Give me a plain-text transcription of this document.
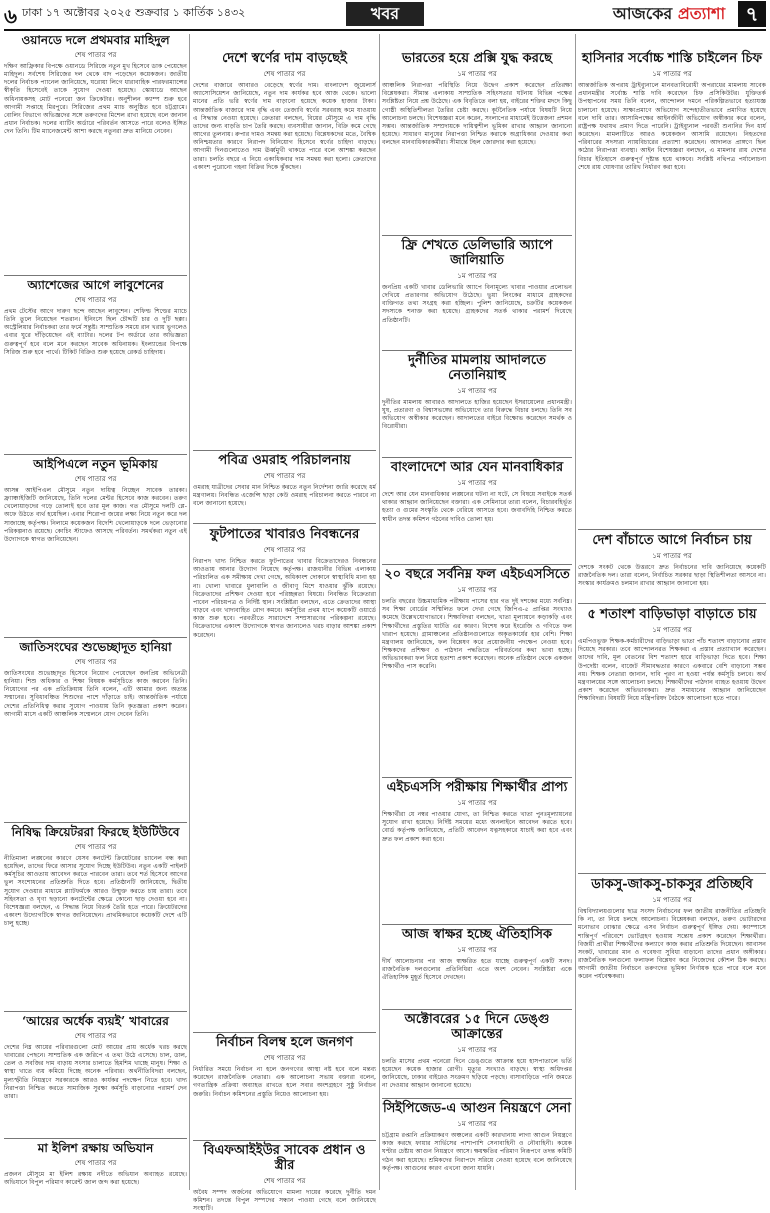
৬ ঢাকা ১৭ অক্টোবর ২০২৫ শুক্রবার ১ কার্তিক ১৪৩২	খবর	আজকের প্রত্যাশা	৭
ওয়ানডে দলে প্রথমবার মাহিদুল
শেষ পাতার পর
দক্ষিণ আফ্রিকার বিপক্ষে ওয়ানডে সিরিজে নতুন মুখ হিসেবে ডাক পেয়েছেন মাহিদুল। সর্বশেষ সিরিজের দল থেকে বাদ পড়েছেন কয়েকজন। জাতীয় দলের নির্বাচক প্যানেল জানিয়েছে, ঘরোয়া লিগে ধারাবাহিক পারফরম্যান্সের স্বীকৃতি হিসেবেই তাকে সুযোগ দেওয়া হয়েছে। স্কোয়াডে আছেন অধিনায়কসহ মোট পনেরো জন ক্রিকেটার। অনুশীলন ক্যাম্প শুরু হবে আগামী সপ্তাহে মিরপুরে। সিরিজের প্রথম ম্যাচ অনুষ্ঠিত হবে চট্টগ্রামে। বোলিং বিভাগে অভিজ্ঞদের সঙ্গে তরুণদের মিশেল রাখা হয়েছে বলে জানান প্রধান নির্বাচক। দলের ব্যাটিং অর্ডারে পরিবর্তন আসতে পারে বলেও ইঙ্গিত দেন তিনি। টিম ম্যানেজমেন্ট আশা করছে নতুনরা দ্রুত মানিয়ে নেবেন।
অ্যাশেজের আগে লাবুশেনের
শেষ পাতার পর
প্রথম টেস্টের আগে দারুণ ছন্দে আছেন লাবুশেন। শেফিল্ড শিল্ডের ম্যাচে তিনি তুলে নিয়েছেন শতরান। ইনিংসে ছিল চৌদ্দটি চার ও দুটি ছক্কা। অস্ট্রেলিয়ার নির্বাচকরা তার ফর্মে সন্তুষ্ট। সাম্প্রতিক সময়ে রান খরায় ভুগলেও এবার ঘুরে দাঁড়িয়েছেন এই ব্যাটার। দলের টপ অর্ডারে তার অভিজ্ঞতা গুরুত্বপূর্ণ হবে বলে মনে করছেন সাবেক অধিনায়ক। ইংল্যান্ডের বিপক্ষে সিরিজ শুরু হবে পার্থে। টিকিট বিক্রিও শুরু হয়েছে রেকর্ড চাহিদায়।
আইপিএলে নতুন ভূমিকায়
শেষ পাতার পর
আসন্ন আইপিএল মৌসুমে নতুন দায়িত্ব নিচ্ছেন সাবেক তারকা। ফ্র্যাঞ্চাইজিটি জানিয়েছে, তিনি দলের মেন্টর হিসেবে কাজ করবেন। তরুণ খেলোয়াড়দের গড়ে তোলাই হবে তার মূল কাজ। গত মৌসুমে দলটি প্লে-অফে উঠতে ব্যর্থ হয়েছিল। এবার শিরোপা জয়ের লক্ষ্য নিয়ে নতুন করে দল সাজাচ্ছে কর্তৃপক্ষ। নিলামে কয়েকজন বিদেশি খেলোয়াড়কে দলে ভেড়ানোর পরিকল্পনাও রয়েছে। কোচিং স্টাফেও আসছে পরিবর্তন। সমর্থকরা নতুন এই উদ্যোগকে স্বাগত জানিয়েছেন।
জাতিসংঘের শুভেচ্ছাদূত হানিয়া
শেষ পাতার পর
জাতিসংঘের শুভেচ্ছাদূত হিসেবে নিয়োগ পেয়েছেন জনপ্রিয় অভিনেত্রী হানিয়া। শিশু অধিকার ও শিক্ষা বিষয়ক কর্মসূচিতে কাজ করবেন তিনি। নিয়োগের পর এক প্রতিক্রিয়ায় তিনি বলেন, এটি আমার জন্য অত্যন্ত সম্মানের। সুবিধাবঞ্চিত শিশুদের পাশে দাঁড়াতে চাই। আন্তর্জাতিক পর্যায়ে দেশের প্রতিনিধিত্ব করার সুযোগ পাওয়ায় তিনি কৃতজ্ঞতা প্রকাশ করেন। আগামী মাসে একটি আঞ্চলিক সম্মেলনে যোগ দেবেন তিনি।
নিষিদ্ধ ক্রিয়েটররা ফিরছে ইউটিউবে
শেষ পাতার পর
নীতিমালা লঙ্ঘনের কারণে যেসব কনটেন্ট ক্রিয়েটরের চ্যানেল বন্ধ করা হয়েছিল, তাদের ফিরে আসার সুযোগ দিচ্ছে ইউটিউব। নতুন একটি পাইলট কর্মসূচির আওতায় আবেদন করতে পারবেন তারা। তবে শর্ত হিসেবে আগের ভুল সংশোধনের প্রতিশ্রুতি দিতে হবে। প্রতিষ্ঠানটি জানিয়েছে, দ্বিতীয় সুযোগ দেওয়ার মাধ্যমে প্ল্যাটফর্মকে আরও উন্মুক্ত করতে চায় তারা। তবে সহিংসতা ও ঘৃণা ছড়ানো কনটেন্টের ক্ষেত্রে কোনো ছাড় দেওয়া হবে না। বিশেষজ্ঞরা বলছেন, এ সিদ্ধান্ত নিয়ে বিতর্ক তৈরি হতে পারে। ক্রিয়েটরদের একাংশ উদ্যোগটিকে স্বাগত জানিয়েছেন। প্রাথমিকভাবে কয়েকটি দেশে এটি চালু হচ্ছে।
‘আয়ের অর্ধেক ব্যয়ই’ খাবারের
শেষ পাতার পর
দেশের নিম্ন আয়ের পরিবারগুলো মোট আয়ের প্রায় অর্ধেক খরচ করছে খাবারের পেছনে। সাম্প্রতিক এক জরিপে এ তথ্য উঠে এসেছে। চাল, ডাল, তেল ও সবজির দাম বাড়ায় সংসার চালাতে হিমশিম খাচ্ছে মানুষ। শিক্ষা ও স্বাস্থ্য খাতে ব্যয় কমিয়ে দিচ্ছে অনেক পরিবার। অর্থনীতিবিদরা বলছেন, মূল্যস্ফীতি নিয়ন্ত্রণে সরকারকে আরও কার্যকর পদক্ষেপ নিতে হবে। খাদ্য নিরাপত্তা নিশ্চিত করতে সামাজিক সুরক্ষা কর্মসূচি বাড়ানোর পরামর্শ দেন তারা।
মা ইলিশ রক্ষায় অভিযান
শেষ পাতার পর
প্রজনন মৌসুমে মা ইলিশ রক্ষায় নদীতে অভিযান অব্যাহত রয়েছে। অভিযানে বিপুল পরিমাণ কারেন্ট জাল জব্দ করা হয়েছে।
দেশে স্বর্ণের দাম বাড়ছেই
শেষ পাতার পর
দেশের বাজারে আবারও বেড়েছে স্বর্ণের দাম। বাংলাদেশ জুয়েলার্স অ্যাসোসিয়েশন জানিয়েছে, নতুন দাম কার্যকর হবে আজ থেকে। ভালো মানের প্রতি ভরি স্বর্ণের দাম বাড়ানো হয়েছে কয়েক হাজার টাকা। আন্তর্জাতিক বাজারে দাম বৃদ্ধি এবং তেজাবি স্বর্ণের সরবরাহ কমে যাওয়ায় এ সিদ্ধান্ত নেওয়া হয়েছে। ক্রেতারা বলছেন, বিয়ের মৌসুমে এ দাম বৃদ্ধি তাদের জন্য বাড়তি চাপ তৈরি করছে। ব্যবসায়ীরা জানান, বিক্রি কমে গেছে আগের তুলনায়। রুপার দামও সমন্বয় করা হয়েছে। বিশ্লেষকদের মতে, বৈশ্বিক অনিশ্চয়তার কারণে নিরাপদ বিনিয়োগ হিসেবে স্বর্ণের চাহিদা বাড়ছে। আগামী দিনগুলোতেও দাম ঊর্ধ্বমুখী থাকতে পারে বলে আশঙ্কা করছেন তারা। চলতি বছরে এ নিয়ে একাধিকবার দাম সমন্বয় করা হলো। ক্রেতাদের একাংশ পুরোনো গহনা বিক্রির দিকে ঝুঁকছেন।
পবিত্র ওমরাহ পরিচালনায়
শেষ পাতার পর
ওমরাহ যাত্রীদের সেবার মান নিশ্চিত করতে নতুন নির্দেশনা জারি করেছে ধর্ম মন্ত্রণালয়। নিবন্ধিত এজেন্সি ছাড়া কেউ ওমরাহ পরিচালনা করতে পারবে না বলে জানানো হয়েছে।
ফুটপাতের খাবারও নিবন্ধনের
শেষ পাতার পর
নিরাপদ খাদ্য নিশ্চিত করতে ফুটপাতের খাবার বিক্রেতাদেরও নিবন্ধনের আওতায় আনার উদ্যোগ নিয়েছে কর্তৃপক্ষ। রাজধানীর বিভিন্ন এলাকায় পরিচালিত এক সমীক্ষায় দেখা গেছে, অধিকাংশ দোকানে স্বাস্থ্যবিধি মানা হয় না। খোলা খাবারে ধুলাবালি ও জীবাণু মিশে যাওয়ার ঝুঁকি রয়েছে। বিক্রেতাদের প্রশিক্ষণ দেওয়া হবে পরিচ্ছন্নতা বিষয়ে। নিবন্ধিত বিক্রেতারা পাবেন পরিচয়পত্র ও নির্দিষ্ট স্থান। সংশ্লিষ্টরা বলছেন, এতে ক্রেতাদের আস্থা বাড়বে এবং খাদ্যবাহিত রোগ কমবে। কর্মসূচির প্রথম ধাপে কয়েকটি ওয়ার্ডে কাজ শুরু হবে। পরবর্তীতে সারাদেশে সম্প্রসারণের পরিকল্পনা রয়েছে। বিক্রেতাদের একাংশ উদ্যোগকে স্বাগত জানালেও খরচ বাড়ার আশঙ্কা প্রকাশ করেছেন।
নির্বাচন বিলম্ব হলে জনগণ
শেষ পাতার পর
নির্ধারিত সময়ে নির্বাচন না হলে জনগণের আস্থা নষ্ট হবে বলে মন্তব্য করেছেন রাজনৈতিক নেতারা। এক আলোচনা সভায় বক্তারা বলেন, গণতান্ত্রিক প্রক্রিয়া অব্যাহত রাখতে হলে সবার অংশগ্রহণে সুষ্ঠু নির্বাচন জরুরি। নির্বাচন কমিশনের প্রস্তুতি নিয়েও আলোচনা হয়।
বিএফআইইউর সাবেক প্রধান ও স্ত্রীর
শেষ পাতার পর
অবৈধ সম্পদ অর্জনের অভিযোগে মামলা দায়ের করেছে দুর্নীতি দমন কমিশন। তদন্তে বিপুল সম্পদের সন্ধান পাওয়া গেছে বলে জানিয়েছে সংস্থাটি।
ভারতের হয়ে প্রক্সি যুদ্ধ করছে
১ম পাতার পর
আঞ্চলিক নিরাপত্তা পরিস্থিতি নিয়ে উদ্বেগ প্রকাশ করেছেন প্রতিরক্ষা বিশ্লেষকরা। সীমান্ত এলাকায় সাম্প্রতিক সহিংসতার ঘটনায় বিভিন্ন পক্ষের সংশ্লিষ্টতা নিয়ে প্রশ্ন উঠেছে। এক বিবৃতিতে বলা হয়, বাইরের শক্তির মদদে কিছু গোষ্ঠী অস্থিতিশীলতা তৈরির চেষ্টা করছে। কূটনৈতিক পর্যায়ে বিষয়টি নিয়ে আলোচনা চলছে। বিশেষজ্ঞরা মনে করেন, সংলাপের মাধ্যমেই উত্তেজনা প্রশমন সম্ভব। আন্তর্জাতিক সম্প্রদায়কে দায়িত্বশীল ভূমিকা রাখার আহ্বান জানানো হয়েছে। সাধারণ মানুষের নিরাপত্তা নিশ্চিত করাকে অগ্রাধিকার দেওয়ার কথা বলছেন মানবাধিকারকর্মীরা। সীমান্তে টহল জোরদার করা হয়েছে।
ফ্রি শেখতে ডেলিভারি অ্যাপে জালিয়াতি
১ম পাতার পর
জনপ্রিয় একটি খাবার ডেলিভারি অ্যাপে বিনামূল্যে খাবার পাওয়ার প্রলোভন দেখিয়ে প্রতারণার অভিযোগ উঠেছে। ভুয়া লিংকের মাধ্যমে গ্রাহকদের ব্যক্তিগত তথ্য সংগ্রহ করা হচ্ছিল। পুলিশ জানিয়েছে, চক্রটির কয়েকজন সদস্যকে শনাক্ত করা হয়েছে। গ্রাহকদের সতর্ক থাকার পরামর্শ দিয়েছে প্রতিষ্ঠানটি।
দুর্নীতির মামলায় আদালতে নেতানিয়াহু
১ম পাতার পর
দুর্নীতির মামলায় আবারও আদালতে হাজির হয়েছেন ইসরায়েলের প্রধানমন্ত্রী। ঘুষ, প্রতারণা ও বিশ্বাসভঙ্গের অভিযোগে তার বিরুদ্ধে বিচার চলছে। তিনি সব অভিযোগ অস্বীকার করেছেন। আদালতের বাইরে বিক্ষোভ করেছেন সমর্থক ও বিরোধীরা।
বাংলাদেশে আর যেন মানবাধিকার
১ম পাতার পর
দেশে আর যেন মানবাধিকার লঙ্ঘনের ঘটনা না ঘটে, সে বিষয়ে সবাইকে সতর্ক থাকার আহ্বান জানিয়েছেন বক্তারা। এক সেমিনারে তারা বলেন, বিচারবহির্ভূত হত্যা ও গুমের সংস্কৃতি থেকে বেরিয়ে আসতে হবে। জবাবদিহি নিশ্চিত করতে স্বাধীন তদন্ত কমিশন গঠনের দাবিও তোলা হয়।
২০ বছরে সর্বনিম্ন ফল এইচএসসিতে
১ম পাতার পর
চলতি বছরের উচ্চমাধ্যমিক পরীক্ষায় পাসের হার গত দুই দশকের মধ্যে সর্বনিম্ন। সব শিক্ষা বোর্ডের সম্মিলিত ফলে দেখা গেছে জিপিএ-৫ প্রাপ্তির সংখ্যাও কমেছে উল্লেখযোগ্যভাবে। শিক্ষাবিদরা বলছেন, খাতা মূল্যায়নে কড়াকড়ি এবং শিক্ষার্থীদের প্রস্তুতির ঘাটতি এর কারণ। বিশেষ করে ইংরেজি ও গণিতে ফল খারাপ হয়েছে। গ্রামাঞ্চলের প্রতিষ্ঠানগুলোতে অকৃতকার্যের হার বেশি। শিক্ষা মন্ত্রণালয় জানিয়েছে, ফল বিশ্লেষণ করে প্রয়োজনীয় পদক্ষেপ নেওয়া হবে। শিক্ষকদের প্রশিক্ষণ ও পাঠদান পদ্ধতিতে পরিবর্তনের কথা ভাবা হচ্ছে। অভিভাবকরা ফল নিয়ে হতাশা প্রকাশ করেছেন। অনেক প্রতিষ্ঠান থেকে একজন শিক্ষার্থীও পাস করেনি।
এইচএসসি পরীক্ষায় শিক্ষার্থীর প্রাপ্য
১ম পাতার পর
শিক্ষার্থীরা যে নম্বর পাওয়ার যোগ্য, তা নিশ্চিত করতে খাতা পুনঃমূল্যায়নের সুযোগ রাখা হয়েছে। নির্দিষ্ট সময়ের মধ্যে অনলাইনে আবেদন করতে হবে। বোর্ড কর্তৃপক্ষ জানিয়েছে, প্রতিটি আবেদন যত্নসহকারে যাচাই করা হবে এবং দ্রুত ফল প্রকাশ করা হবে।
আজ স্বাক্ষর হচ্ছে ঐতিহাসিক
১ম পাতার পর
দীর্ঘ আলোচনার পর আজ স্বাক্ষরিত হতে যাচ্ছে গুরুত্বপূর্ণ একটি সনদ। রাজনৈতিক দলগুলোর প্রতিনিধিরা এতে অংশ নেবেন। সংশ্লিষ্টরা একে ঐতিহাসিক মুহূর্ত হিসেবে দেখছেন।
অক্টোবরের ১৫ দিনে ডেঙ্গু আক্রান্তের
১ম পাতার পর
চলতি মাসের প্রথম পনেরো দিনে ডেঙ্গুতে আক্রান্ত হয়ে হাসপাতালে ভর্তি হয়েছেন কয়েক হাজার রোগী। মৃত্যুর সংখ্যাও বাড়ছে। স্বাস্থ্য অধিদপ্তর জানিয়েছে, ঢাকার বাইরেও সংক্রমণ ছড়িয়ে পড়ছে। বাসাবাড়িতে পানি জমতে না দেওয়ার আহ্বান জানানো হয়েছে।
সিইপিজেড-এ আগুন নিয়ন্ত্রণে সেনা
১ম পাতার পর
চট্টগ্রাম রপ্তানি প্রক্রিয়াকরণ অঞ্চলের একটি কারখানায় লাগা আগুন নিয়ন্ত্রণে কাজ করছে ফায়ার সার্ভিসের পাশাপাশি সেনাবাহিনী ও নৌবাহিনী। কয়েক ঘণ্টার চেষ্টায় আগুন নিয়ন্ত্রণে আসে। ক্ষয়ক্ষতির পরিমাণ নিরূপণে তদন্ত কমিটি গঠন করা হয়েছে। শ্রমিকদের নিরাপদে সরিয়ে নেওয়া হয়েছে বলে জানিয়েছে কর্তৃপক্ষ। আগুনের কারণ এখনো জানা যায়নি।
হাসিনার সর্বোচ্চ শাস্তি চাইলেন চিফ
১ম পাতার পর
আন্তর্জাতিক অপরাধ ট্রাইব্যুনালে মানবতাবিরোধী অপরাধের মামলায় সাবেক প্রধানমন্ত্রীর সর্বোচ্চ শাস্তি দাবি করেছেন চিফ প্রসিকিউটর। যুক্তিতর্ক উপস্থাপনের সময় তিনি বলেন, আন্দোলন দমনে পরিকল্পিতভাবে হত্যাযজ্ঞ চালানো হয়েছে। সাক্ষ্যপ্রমাণে অভিযোগ সন্দেহাতীতভাবে প্রমাণিত হয়েছে বলে দাবি তার। আসামিপক্ষের আইনজীবী অভিযোগ অস্বীকার করে বলেন, রাষ্ট্রপক্ষ যথাযথ প্রমাণ দিতে পারেনি। ট্রাইব্যুনাল পরবর্তী শুনানির দিন ধার্য করেছেন। মামলাটিতে আরও কয়েকজন আসামি রয়েছেন। নিহতদের পরিবারের সদস্যরা ন্যায়বিচারের প্রত্যাশা করেছেন। আদালত প্রাঙ্গণে ছিল কঠোর নিরাপত্তা ব্যবস্থা। আইন বিশেষজ্ঞরা বলছেন, এ মামলার রায় দেশের বিচার ইতিহাসে গুরুত্বপূর্ণ দৃষ্টান্ত হয়ে থাকবে। সংশ্লিষ্ট নথিপত্র পর্যালোচনা শেষে রায় ঘোষণার তারিখ নির্ধারণ করা হবে।
দেশ বাঁচাতে আগে নির্বাচন চায়
১ম পাতার পর
দেশকে সংকট থেকে উত্তরণে দ্রুত নির্বাচনের দাবি জানিয়েছে কয়েকটি রাজনৈতিক দল। তারা বলেন, নির্বাচিত সরকার ছাড়া স্থিতিশীলতা আসবে না। সংস্কার কার্যক্রমও চলমান রাখার আহ্বান জানানো হয়।
৫ শতাংশ বাড়িভাড়া বাড়াতে চায়
১ম পাতার পর
এমপিওভুক্ত শিক্ষক-কর্মচারীদের বাড়িভাড়া ভাতা পাঁচ শতাংশ বাড়ানোর প্রস্তাব দিয়েছে সরকার। তবে আন্দোলনরত শিক্ষকরা এ প্রস্তাব প্রত্যাখ্যান করেছেন। তাদের দাবি, মূল বেতনের বিশ শতাংশ হারে বাড়িভাড়া দিতে হবে। শিক্ষা উপদেষ্টা বলেন, বাজেট সীমাবদ্ধতার কারণে একবারে বেশি বাড়ানো সম্ভব নয়। শিক্ষক নেতারা জানান, দাবি পূরণ না হওয়া পর্যন্ত কর্মসূচি চলবে। অর্থ মন্ত্রণালয়ের সঙ্গে আলোচনা চলছে। শিক্ষার্থীদের পাঠদান ব্যাহত হওয়ায় উদ্বেগ প্রকাশ করেছেন অভিভাবকরা। দ্রুত সমাধানের আহ্বান জানিয়েছেন শিক্ষাবিদরা। বিষয়টি নিয়ে মন্ত্রিপরিষদ বৈঠকে আলোচনা হতে পারে।
ডাকসু-জাকসু-চাকসুর প্রতিচ্ছবি
১ম পাতার পর
বিশ্ববিদ্যালয়গুলোর ছাত্র সংসদ নির্বাচনের ফল জাতীয় রাজনীতির প্রতিচ্ছবি কি না, তা নিয়ে চলছে আলোচনা। বিশ্লেষকরা বলছেন, তরুণ ভোটারদের মনোভাব বোঝার ক্ষেত্রে এসব নির্বাচন গুরুত্বপূর্ণ ইঙ্গিত দেয়। ক্যাম্পাসে শান্তিপূর্ণ পরিবেশে ভোটগ্রহণ হওয়ায় সন্তোষ প্রকাশ করেছেন শিক্ষার্থীরা। বিজয়ী প্রার্থীরা শিক্ষার্থীদের কল্যাণে কাজ করার প্রতিশ্রুতি দিয়েছেন। আবাসন সংকট, খাবারের মান ও গবেষণা সুবিধা বাড়ানো তাদের প্রধান অঙ্গীকার। রাজনৈতিক দলগুলো ফলাফল বিশ্লেষণ করে নিজেদের কৌশল ঠিক করছে। আগামী জাতীয় নির্বাচনে তরুণদের ভূমিকা নির্ণায়ক হতে পারে বলে মনে করেন পর্যবেক্ষকরা।
